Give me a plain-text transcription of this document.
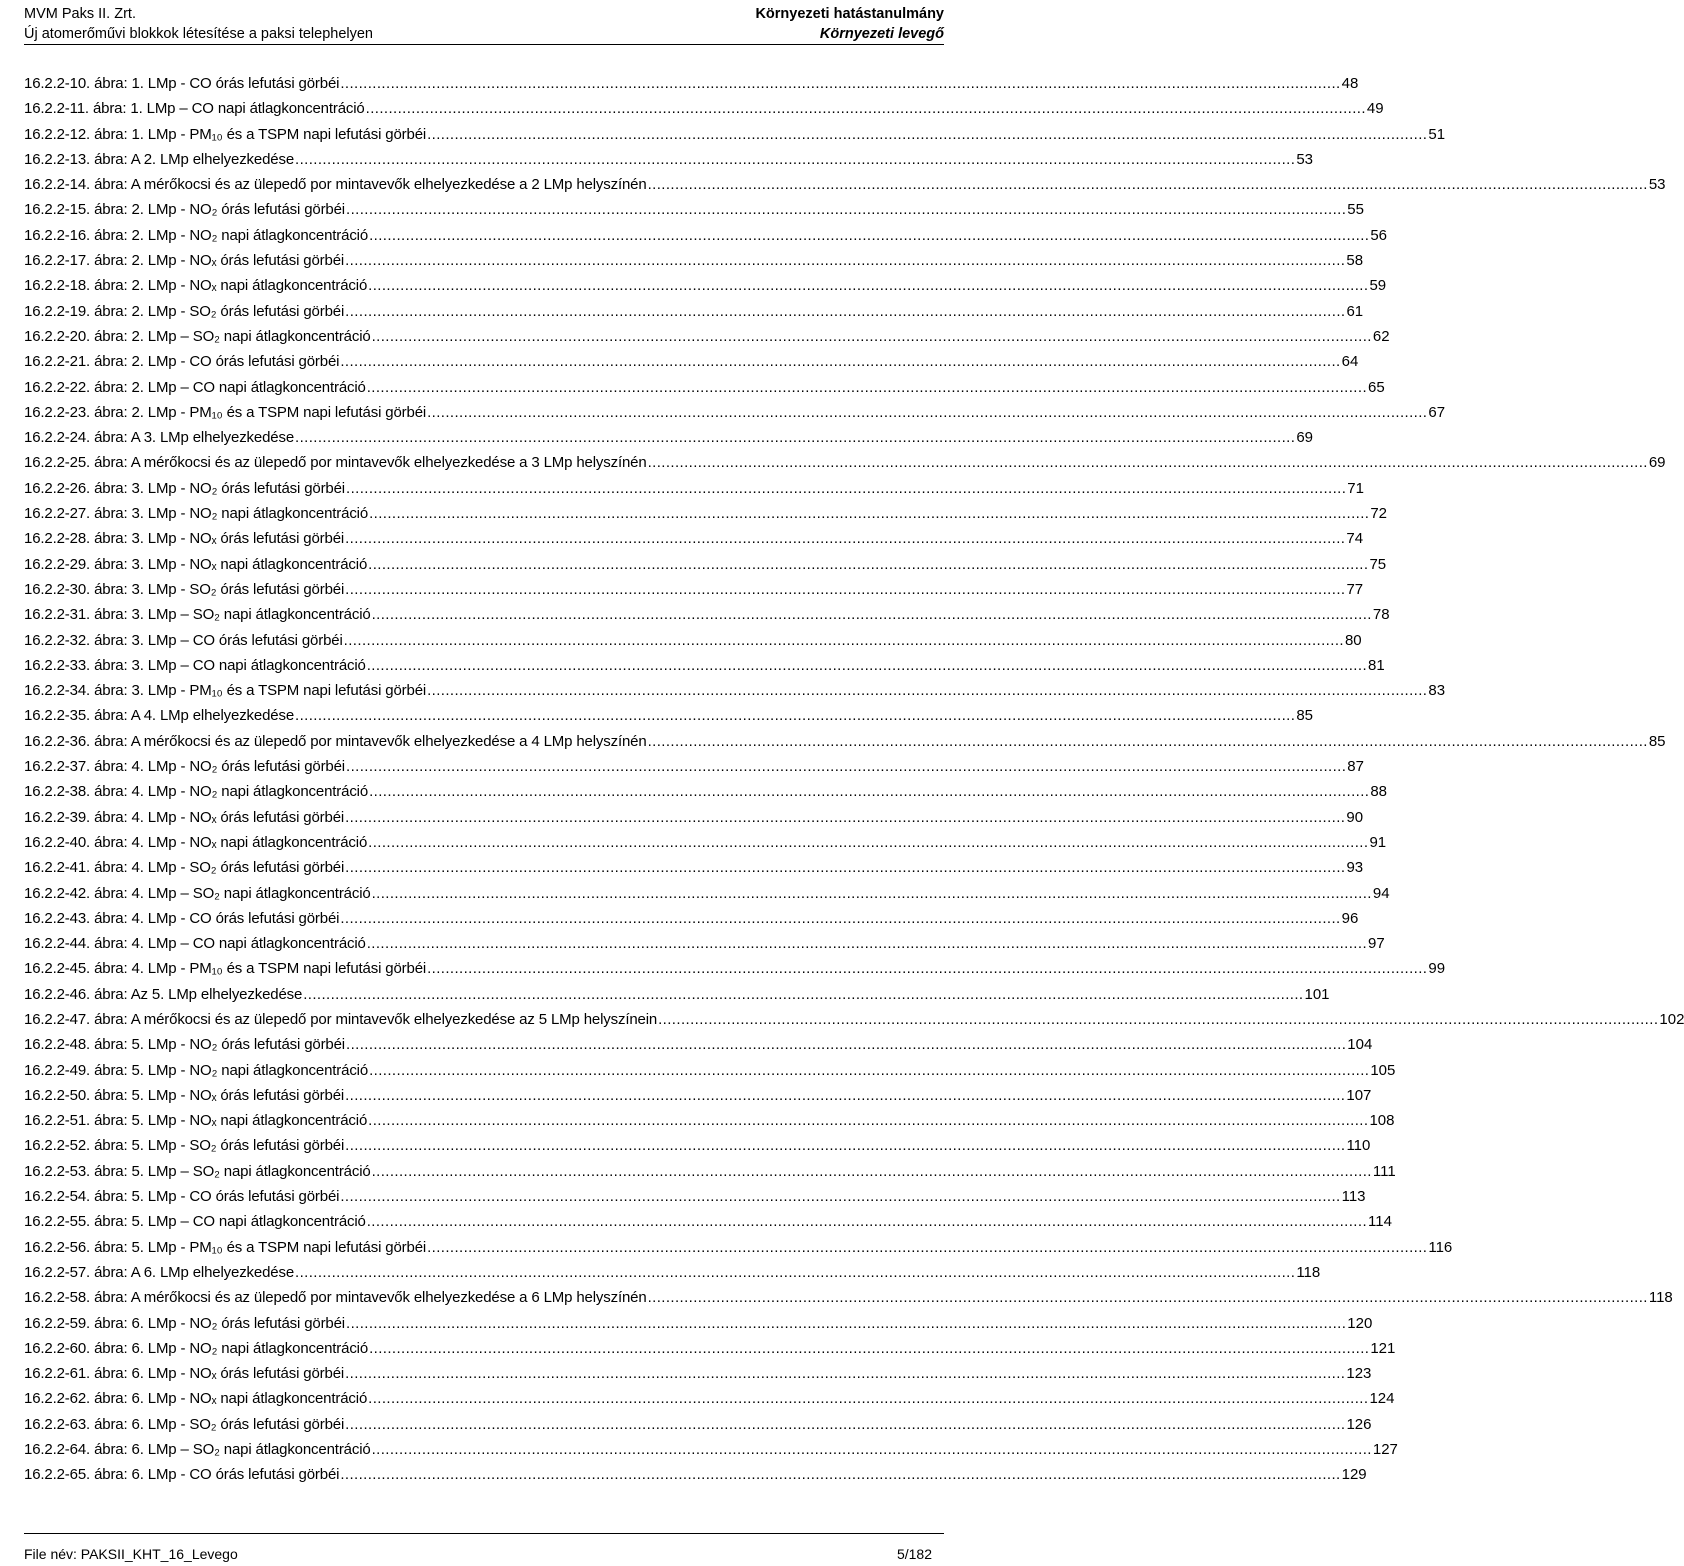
MVM Paks II. Zrt.
Új atomerőművi blokkok létesítése a paksi telephelyen
Környezeti hatástanulmány
Környezeti levegő
16.2.2-10. ábra: 1. LMp - CO órás lefutási görbéi .....	48
16.2.2-11. ábra: 1. LMp – CO napi átlagkoncentráció .....	49
16.2.2-12. ábra: 1. LMp - PM₁₀ és a TSPM napi lefutási görbéi .....	51
16.2.2-13. ábra: A 2. LMp elhelyezkedése .....	53
16.2.2-14. ábra: A mérőkocsi és az ülepedő por mintavevők elhelyezkedése a 2 LMp helyszínén .....	53
16.2.2-15. ábra: 2. LMp - NO₂ órás lefutási görbéi .....	55
16.2.2-16. ábra: 2. LMp - NO₂ napi átlagkoncentráció .....	56
16.2.2-17. ábra: 2. LMp - NOₓ órás lefutási görbéi .....	58
16.2.2-18. ábra: 2. LMp - NOₓ napi átlagkoncentráció .....	59
16.2.2-19. ábra: 2. LMp - SO₂ órás lefutási görbéi .....	61
16.2.2-20. ábra: 2. LMp – SO₂ napi átlagkoncentráció .....	62
16.2.2-21. ábra: 2. LMp - CO órás lefutási görbéi .....	64
16.2.2-22. ábra: 2. LMp – CO napi átlagkoncentráció .....	65
16.2.2-23. ábra: 2. LMp - PM₁₀ és a TSPM napi lefutási görbéi .....	67
16.2.2-24. ábra: A 3. LMp elhelyezkedése .....	69
16.2.2-25. ábra: A mérőkocsi és az ülepedő por mintavevők elhelyezkedése a 3 LMp helyszínén .....	69
16.2.2-26. ábra: 3. LMp - NO₂ órás lefutási görbéi .....	71
16.2.2-27. ábra: 3. LMp - NO₂ napi átlagkoncentráció .....	72
16.2.2-28. ábra: 3. LMp - NOₓ órás lefutási görbéi .....	74
16.2.2-29. ábra: 3. LMp - NOₓ napi átlagkoncentráció .....	75
16.2.2-30. ábra: 3. LMp - SO₂ órás lefutási görbéi .....	77
16.2.2-31. ábra: 3. LMp – SO₂ napi átlagkoncentráció .....	78
16.2.2-32. ábra: 3. LMp – CO órás lefutási görbéi .....	80
16.2.2-33. ábra: 3. LMp – CO napi átlagkoncentráció .....	81
16.2.2-34. ábra: 3. LMp - PM₁₀ és a TSPM napi lefutási görbéi .....	83
16.2.2-35. ábra: A 4. LMp elhelyezkedése .....	85
16.2.2-36. ábra: A mérőkocsi és az ülepedő por mintavevők elhelyezkedése a 4 LMp helyszínén .....	85
16.2.2-37. ábra: 4. LMp - NO₂ órás lefutási görbéi .....	87
16.2.2-38. ábra: 4. LMp - NO₂ napi átlagkoncentráció .....	88
16.2.2-39. ábra: 4. LMp - NOₓ órás lefutási görbéi .....	90
16.2.2-40. ábra: 4. LMp - NOₓ napi átlagkoncentráció .....	91
16.2.2-41. ábra: 4. LMp - SO₂ órás lefutási görbéi .....	93
16.2.2-42. ábra: 4. LMp – SO₂ napi átlagkoncentráció .....	94
16.2.2-43. ábra: 4. LMp - CO órás lefutási görbéi .....	96
16.2.2-44. ábra: 4. LMp – CO napi átlagkoncentráció .....	97
16.2.2-45. ábra: 4. LMp - PM₁₀ és a TSPM napi lefutási görbéi .....	99
16.2.2-46. ábra: Az 5. LMp elhelyezkedése .....	101
16.2.2-47. ábra: A mérőkocsi és az ülepedő por mintavevők elhelyezkedése az 5 LMp helyszínein .....	102
16.2.2-48. ábra: 5. LMp - NO₂ órás lefutási görbéi .....	104
16.2.2-49. ábra: 5. LMp - NO₂ napi átlagkoncentráció .....	105
16.2.2-50. ábra: 5. LMp - NOₓ órás lefutási görbéi .....	107
16.2.2-51. ábra: 5. LMp - NOₓ napi átlagkoncentráció .....	108
16.2.2-52. ábra: 5. LMp - SO₂ órás lefutási görbéi .....	110
16.2.2-53. ábra: 5. LMp – SO₂ napi átlagkoncentráció .....	111
16.2.2-54. ábra: 5. LMp - CO órás lefutási görbéi .....	113
16.2.2-55. ábra: 5. LMp – CO napi átlagkoncentráció .....	114
16.2.2-56. ábra: 5. LMp - PM₁₀ és a TSPM napi lefutási görbéi .....	116
16.2.2-57. ábra: A 6. LMp elhelyezkedése .....	118
16.2.2-58. ábra: A mérőkocsi és az ülepedő por mintavevők elhelyezkedése a 6 LMp helyszínén .....	118
16.2.2-59. ábra: 6. LMp - NO₂ órás lefutási görbéi .....	120
16.2.2-60. ábra: 6. LMp - NO₂ napi átlagkoncentráció .....	121
16.2.2-61. ábra: 6. LMp - NOₓ órás lefutási görbéi .....	123
16.2.2-62. ábra: 6. LMp - NOₓ napi átlagkoncentráció .....	124
16.2.2-63. ábra: 6. LMp - SO₂ órás lefutási görbéi .....	126
16.2.2-64. ábra: 6. LMp – SO₂ napi átlagkoncentráció .....	127
16.2.2-65. ábra: 6. LMp - CO órás lefutási görbéi .....	129
File név: PAKSII_KHT_16_Levego	5/182
